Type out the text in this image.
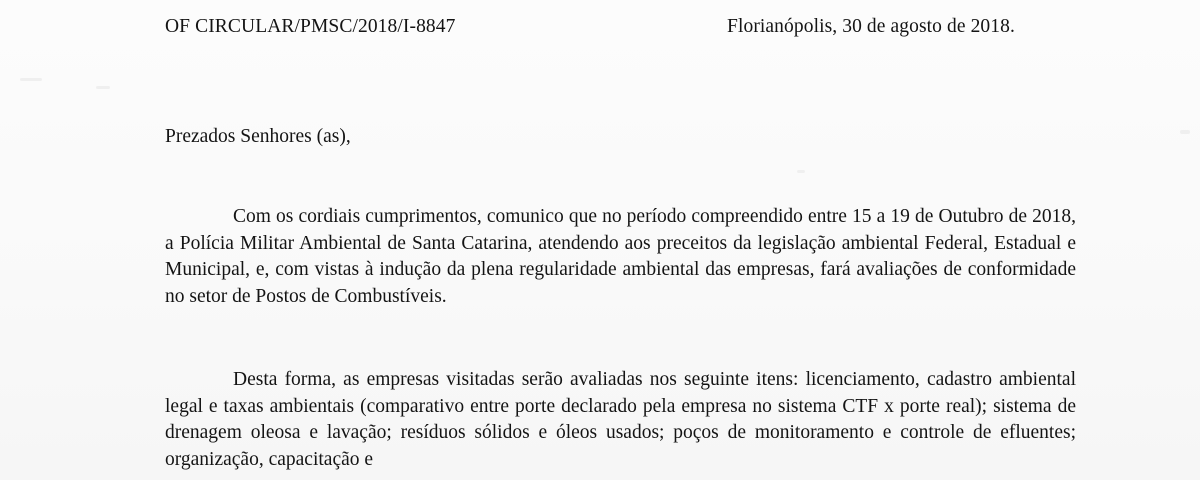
OF CIRCULAR/PMSC/2018/I-8847	Florianópolis, 30 de agosto de 2018.
Prezados Senhores (as),

Com os cordiais cumprimentos, comunico que no período compreendido entre 15 a 19 de Outubro de 2018, a Polícia Militar Ambiental de Santa Catarina, atendendo aos preceitos da legislação ambiental Federal, Estadual e Municipal, e, com vistas à indução da plena regularidade ambiental das empresas, fará avaliações de conformidade no setor de Postos de Combustíveis.

Desta forma, as empresas visitadas serão avaliadas nos seguinte itens: licenciamento, cadastro ambiental legal e taxas ambientais (comparativo entre porte declarado pela empresa no sistema CTF x porte real); sistema de drenagem oleosa e lavação; resíduos sólidos e óleos usados; poços de monitoramento e controle de efluentes; organização, capacitação e
